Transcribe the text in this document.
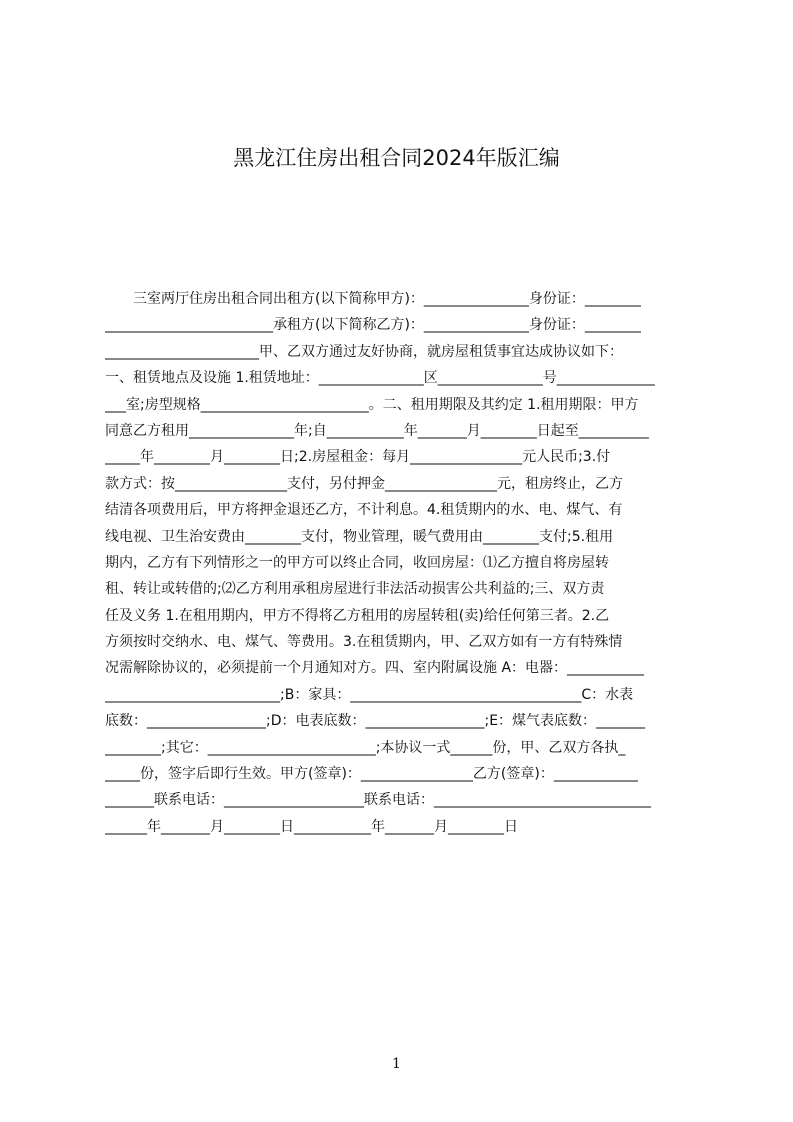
黑龙江住房出租合同2024年版汇编
　　三室两厅住房出租合同出租方(以下简称甲方)：_______________身份证：________
________________________承租方(以下简称乙方)：_______________身份证：________
______________________甲、乙双方通过友好协商，就房屋租赁事宜达成协议如下：
一、租赁地点及设施 1.租赁地址：_______________区_______________号______________
___室;房型规格________________________。二、租用期限及其约定 1.租用期限：甲方
同意乙方租用_______________年;自___________年_______月________日起至__________
_____年________月________日;2.房屋租金：每月________________元人民币;3.付
款方式：按________________支付，另付押金________________元，租房终止，乙方
结清各项费用后，甲方将押金退还乙方，不计利息。4.租赁期内的水、电、煤气、有
线电视、卫生治安费由________支付，物业管理，暖气费用由________支付;5.租用
期内，乙方有下列情形之一的甲方可以终止合同，收回房屋：⑴乙方擅自将房屋转
租、转让或转借的;⑵乙方利用承租房屋进行非法活动损害公共利益的;三、双方责
任及义务 1.在租用期内，甲方不得将乙方租用的房屋转租(卖)给任何第三者。2.乙
方须按时交纳水、电、煤气、等费用。3.在租赁期内，甲、乙双方如有一方有特殊情
况需解除协议的，必须提前一个月通知对方。四、室内附属设施 A：电器：___________
_________________________;B：家具：_________________________________C：水表
底数：_________________;D：电表底数：_________________;E：煤气表底数：_______
________;其它：________________________;本协议一式______份，甲、乙双方各执_
_____份，签字后即行生效。甲方(签章)：________________乙方(签章)：____________
_______联系电话：____________________联系电话：_______________________________
______年_______月________日___________年_______月________日
1
